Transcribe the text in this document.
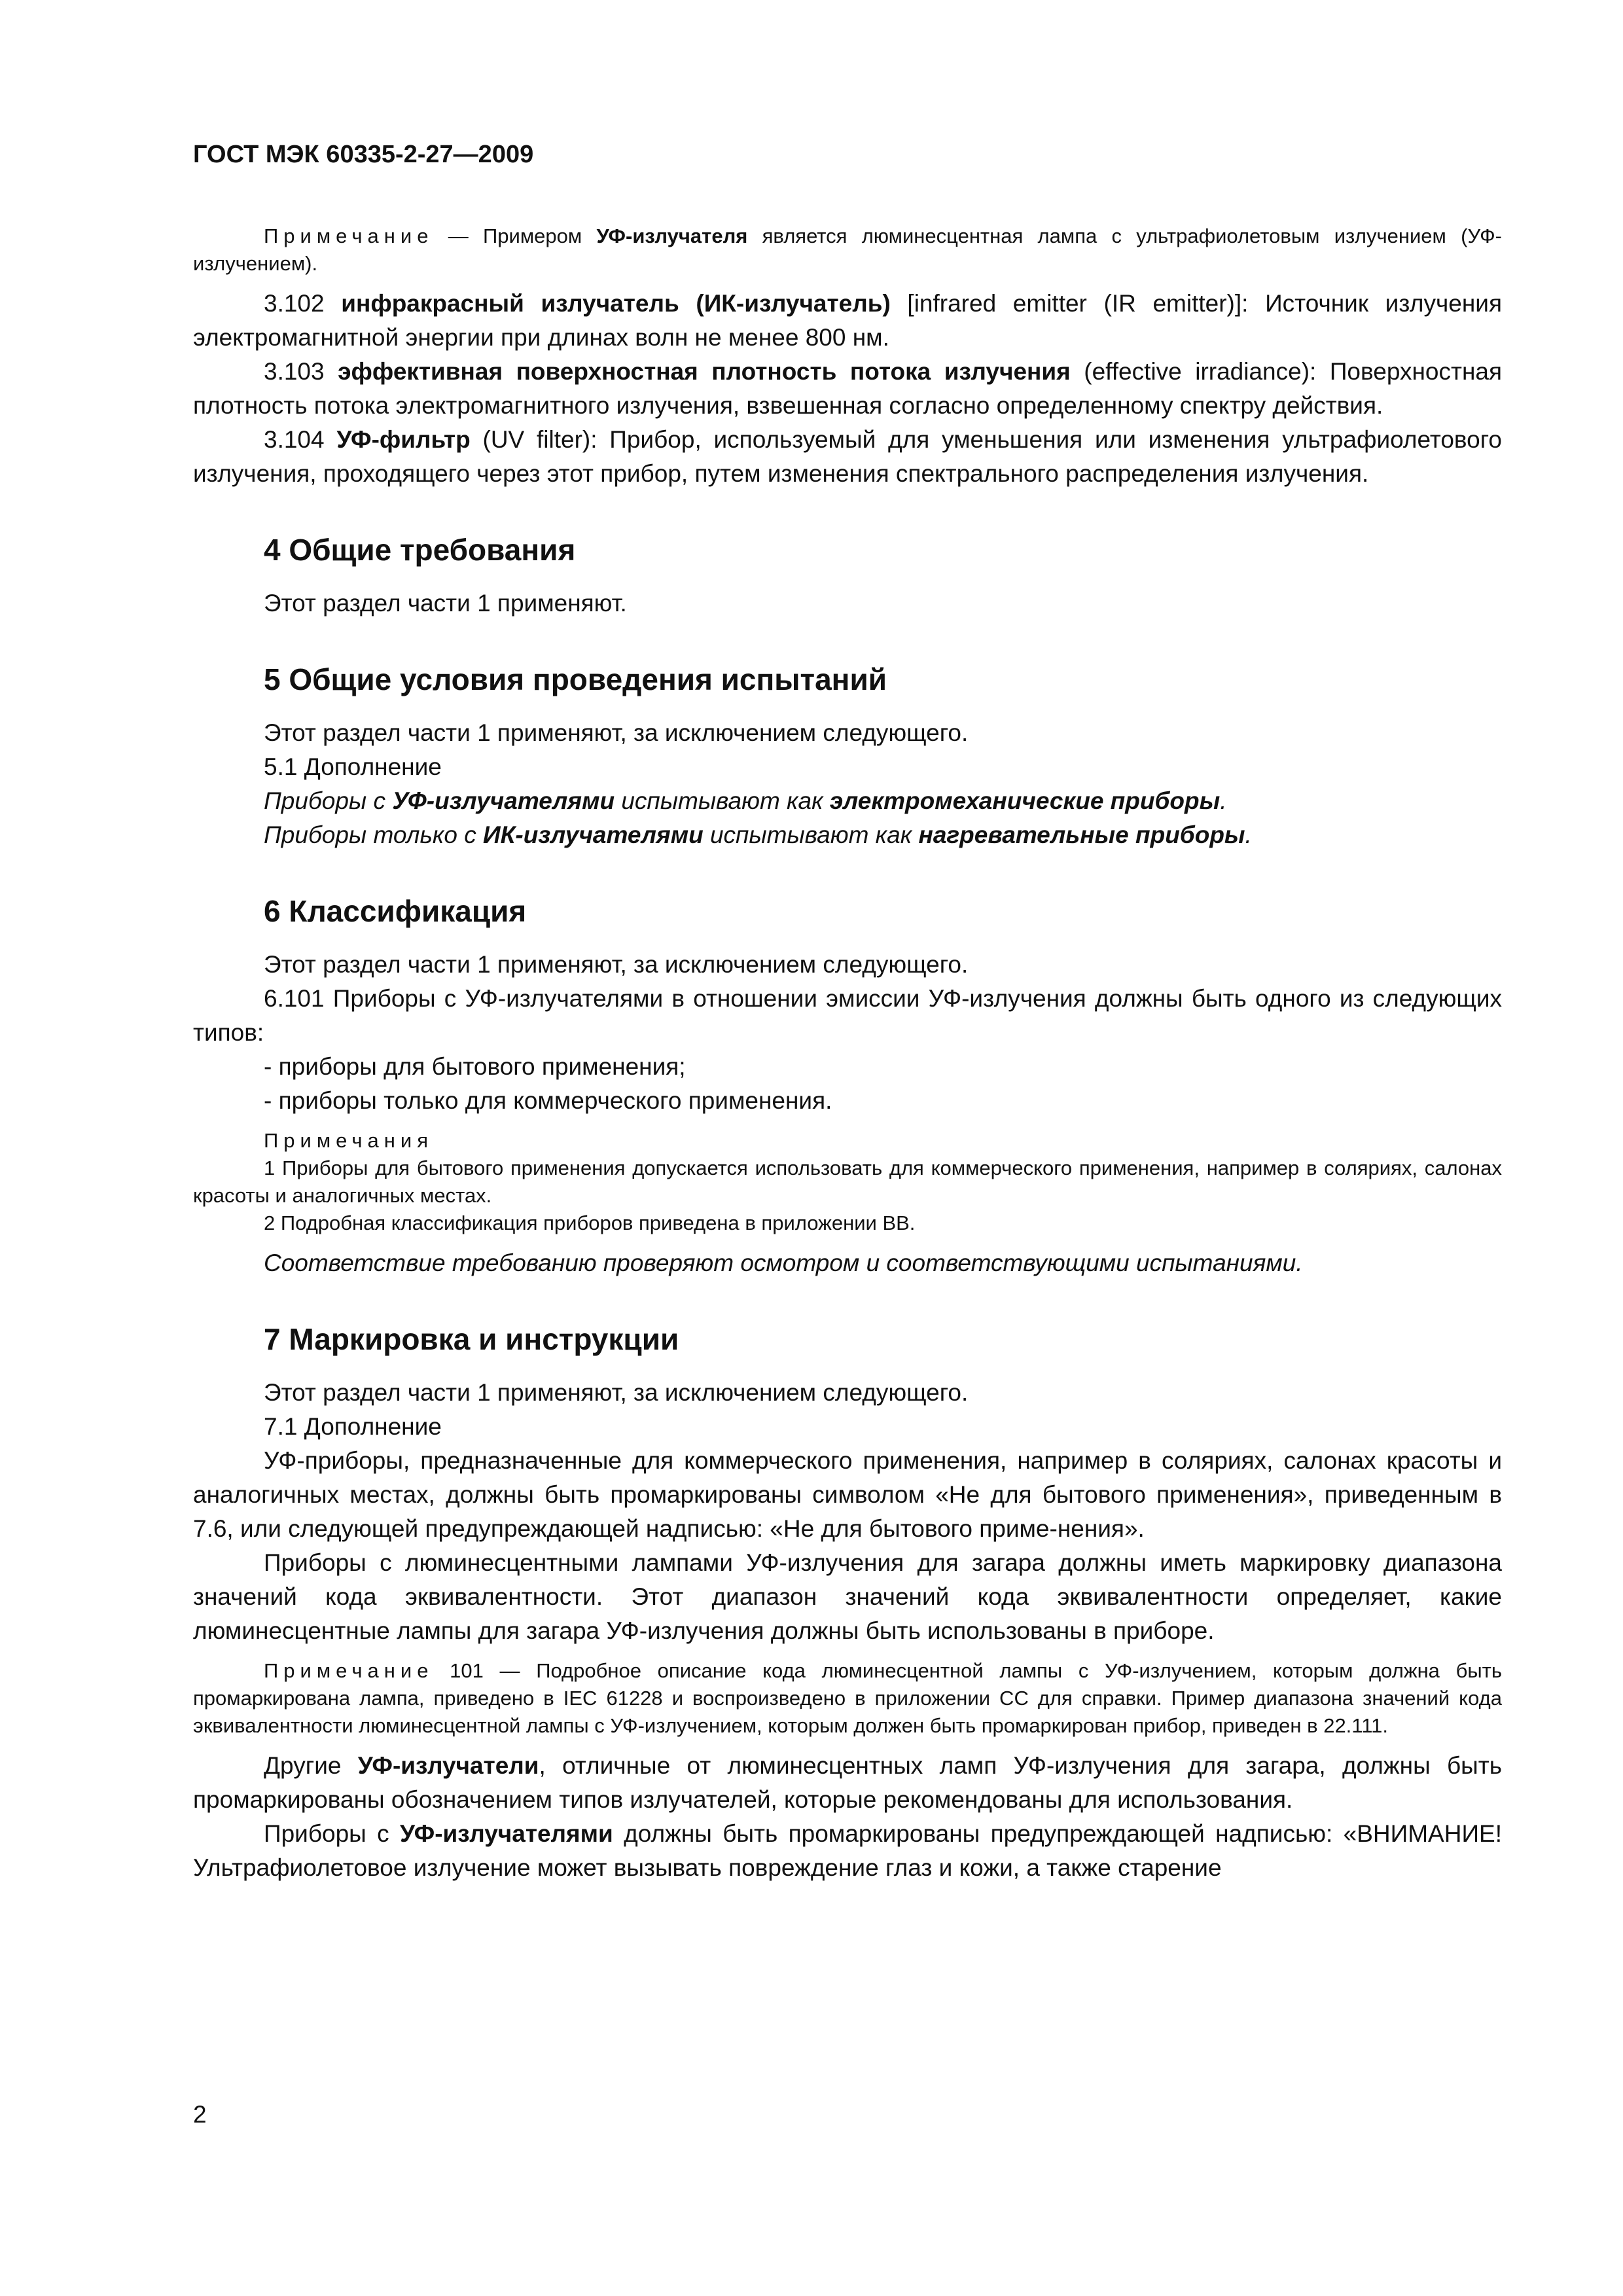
ГОСТ МЭК 60335-2-27—2009

Примечание — Примером УФ-излучателя является люминесцентная лампа с ультрафиолетовым излучением (УФ-излучением).

3.102 инфракрасный излучатель (ИК-излучатель) [infrared emitter (IR emitter)]: Источник излучения электромагнитной энергии при длинах волн не менее 800 нм.

3.103 эффективная поверхностная плотность потока излучения (effective irradiance): Поверхностная плотность потока электромагнитного излучения, взвешенная согласно определенному спектру действия.

3.104 УФ-фильтр (UV filter): Прибор, используемый для уменьшения или изменения ультрафиолетового излучения, проходящего через этот прибор, путем изменения спектрального распределения излучения.

4 Общие требования

Этот раздел части 1 применяют.

5 Общие условия проведения испытаний

Этот раздел части 1 применяют, за исключением следующего.

5.1 Дополнение

Приборы с УФ-излучателями испытывают как электромеханические приборы.

Приборы только с ИК-излучателями испытывают как нагревательные приборы.

6 Классификация

Этот раздел части 1 применяют, за исключением следующего.

6.101 Приборы с УФ-излучателями в отношении эмиссии УФ-излучения должны быть одного из следующих типов:

- приборы для бытового применения;

- приборы только для коммерческого применения.

Примечания

1 Приборы для бытового применения допускается использовать для коммерческого применения, например в соляриях, салонах красоты и аналогичных местах.

2 Подробная классификация приборов приведена в приложении ВВ.

Соответствие требованию проверяют осмотром и соответствующими испытаниями.

7 Маркировка и инструкции

Этот раздел части 1 применяют, за исключением следующего.

7.1 Дополнение

УФ-приборы, предназначенные для коммерческого применения, например в соляриях, салонах красоты и аналогичных местах, должны быть промаркированы символом «Не для бытового применения», приведенным в 7.6, или следующей предупреждающей надписью: «Не для бытового приме-нения».

Приборы с люминесцентными лампами УФ-излучения для загара должны иметь маркировку диапазона значений кода эквивалентности. Этот диапазон значений кода эквивалентности определяет, какие люминесцентные лампы для загара УФ-излучения должны быть использованы в приборе.

Примечание 101 — Подробное описание кода люминесцентной лампы с УФ-излучением, которым должна быть промаркирована лампа, приведено в IEC 61228 и воспроизведено в приложении CC для справки. Пример диапазона значений кода эквивалентности люминесцентной лампы с УФ-излучением, которым должен быть промаркирован прибор, приведен в 22.111.

Другие УФ-излучатели, отличные от люминесцентных ламп УФ-излучения для загара, должны быть промаркированы обозначением типов излучателей, которые рекомендованы для использования.

Приборы с УФ-излучателями должны быть промаркированы предупреждающей надписью: «ВНИМАНИЕ! Ультрафиолетовое излучение может вызывать повреждение глаз и кожи, а также старение

2
